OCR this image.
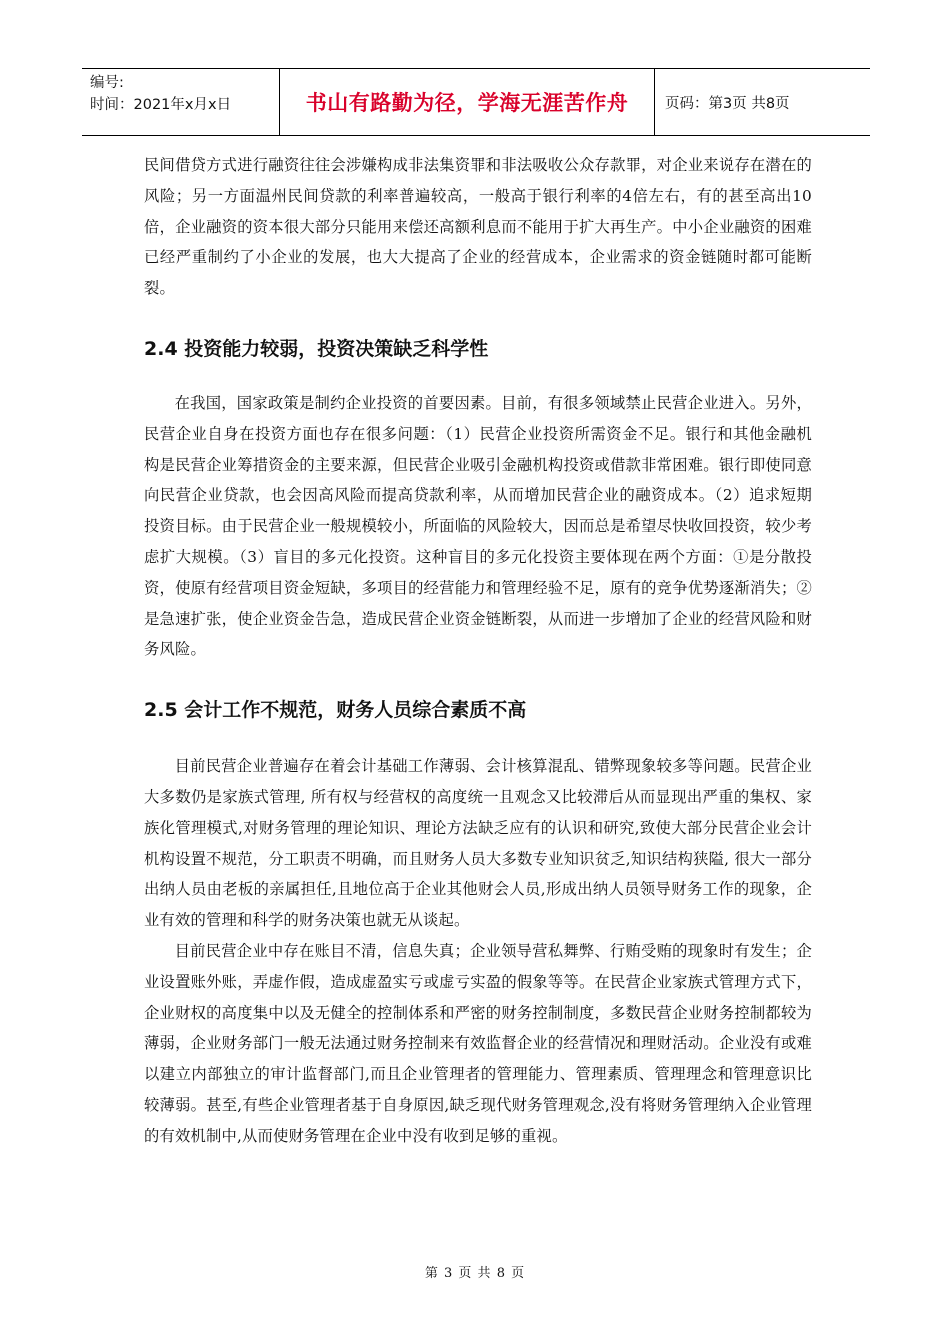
编号:
时间：2021年x月x日	书山有路勤为径，学海无涯苦作舟	页码：第3页 共8页

民间借贷方式进行融资往往会涉嫌构成非法集资罪和非法吸收公众存款罪，对企业来说存在潜在的风险；另一方面温州民间贷款的利率普遍较高，一般高于银行利率的4倍左右，有的甚至高出10倍，企业融资的资本很大部分只能用来偿还高额利息而不能用于扩大再生产。中小企业融资的困难已经严重制约了小企业的发展，也大大提高了企业的经营成本，企业需求的资金链随时都可能断裂。

2.4 投资能力较弱，投资决策缺乏科学性

在我国，国家政策是制约企业投资的首要因素。目前，有很多领域禁止民营企业进入。另外，民营企业自身在投资方面也存在很多问题：（1）民营企业投资所需资金不足。银行和其他金融机构是民营企业筹措资金的主要来源，但民营企业吸引金融机构投资或借款非常困难。银行即使同意向民营企业贷款，也会因高风险而提高贷款利率，从而增加民营企业的融资成本。（2）追求短期投资目标。由于民营企业一般规模较小，所面临的风险较大，因而总是希望尽快收回投资，较少考虑扩大规模。（3）盲目的多元化投资。这种盲目的多元化投资主要体现在两个方面：①是分散投资，使原有经营项目资金短缺，多项目的经营能力和管理经验不足，原有的竞争优势逐渐消失；②是急速扩张，使企业资金告急，造成民营企业资金链断裂，从而进一步增加了企业的经营风险和财务风险。

2.5 会计工作不规范，财务人员综合素质不高

目前民营企业普遍存在着会计基础工作薄弱、会计核算混乱、错弊现象较多等问题。民营企业大多数仍是家族式管理, 所有权与经营权的高度统一且观念又比较滞后从而显现出严重的集权、家族化管理模式,对财务管理的理论知识、理论方法缺乏应有的认识和研究,致使大部分民营企业会计机构设置不规范，分工职责不明确，而且财务人员大多数专业知识贫乏,知识结构狭隘, 很大一部分出纳人员由老板的亲属担任,且地位高于企业其他财会人员,形成出纳人员领导财务工作的现象，企业有效的管理和科学的财务决策也就无从谈起。

目前民营企业中存在账目不清，信息失真；企业领导营私舞弊、行贿受贿的现象时有发生；企业设置账外账，弄虚作假，造成虚盈实亏或虚亏实盈的假象等等。在民营企业家族式管理方式下，企业财权的高度集中以及无健全的控制体系和严密的财务控制制度，多数民营企业财务控制都较为薄弱，企业财务部门一般无法通过财务控制来有效监督企业的经营情况和理财活动。企业没有或难以建立内部独立的审计监督部门,而且企业管理者的管理能力、管理素质、管理理念和管理意识比较薄弱。甚至,有些企业管理者基于自身原因,缺乏现代财务管理观念,没有将财务管理纳入企业管理的有效机制中,从而使财务管理在企业中没有收到足够的重视。

第 3 页 共 8 页
